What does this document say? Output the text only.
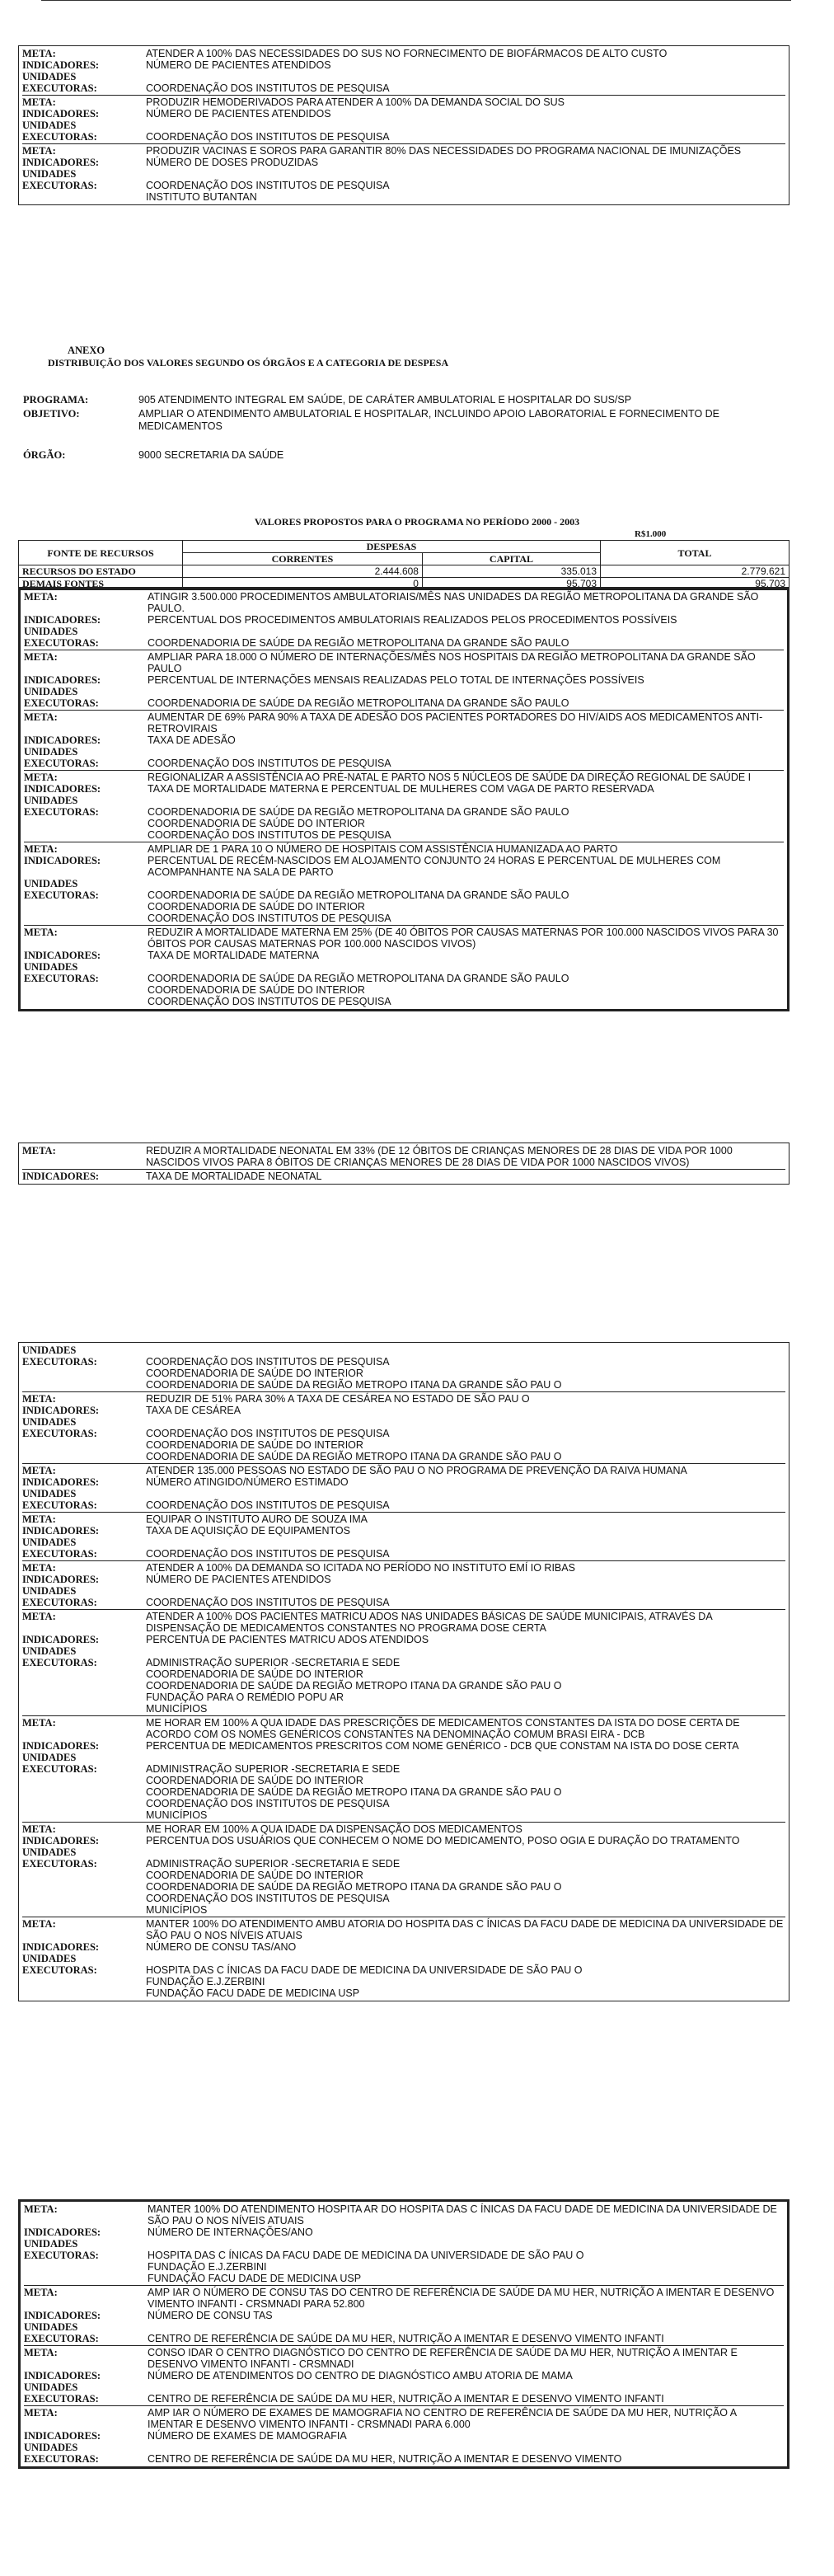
META:	ATENDER A 100% DAS NECESSIDADES DO SUS NO FORNECIMENTO DE BIOFÁRMACOS DE ALTO CUSTO
INDICADORES:	NÚMERO DE PACIENTES ATENDIDOS
UNIDADES
EXECUTORAS:	COORDENAÇÃO DOS INSTITUTOS DE PESQUISA
META:	PRODUZIR HEMODERIVADOS PARA ATENDER A 100% DA DEMANDA SOCIAL DO SUS
INDICADORES:	NÚMERO DE PACIENTES ATENDIDOS
UNIDADES
EXECUTORAS:	COORDENAÇÃO DOS INSTITUTOS DE PESQUISA
META:	PRODUZIR VACINAS E SOROS PARA GARANTIR 80% DAS NECESSIDADES DO PROGRAMA NACIONAL DE IMUNIZAÇÕES
INDICADORES:	NÚMERO DE DOSES PRODUZIDAS
UNIDADES
EXECUTORAS:	COORDENAÇÃO DOS INSTITUTOS DE PESQUISA
INSTITUTO BUTANTAN
ANEXO
DISTRIBUIÇÃO DOS VALORES SEGUNDO OS ÓRGÃOS E A CATEGORIA DE DESPESA
PROGRAMA:	905 ATENDIMENTO INTEGRAL EM SAÚDE, DE CARÁTER AMBULATORIAL E HOSPITALAR DO SUS/SP
OBJETIVO:	AMPLIAR O ATENDIMENTO AMBULATORIAL E HOSPITALAR, INCLUINDO APOIO LABORATORIAL E FORNECIMENTO DE MEDICAMENTOS
ÓRGÃO:	9000 SECRETARIA DA SAÚDE
VALORES PROPOSTOS PARA O PROGRAMA NO PERÍODO 2000 - 2003
R$1.000
FONTE DE RECURSOS	DESPESAS		TOTAL
	CORRENTES	CAPITAL	
RECURSOS DO ESTADO	2.444.608	335.013	2.779.621
DEMAIS FONTES	0	95.703	95.703
META:	ATINGIR 3.500.000 PROCEDIMENTOS AMBULATORIAIS/MÊS NAS UNIDADES DA REGIÃO METROPOLITANA DA GRANDE SÃO PAULO.
INDICADORES:	PERCENTUAL DOS PROCEDIMENTOS AMBULATORIAIS REALIZADOS PELOS PROCEDIMENTOS POSSÍVEIS
UNIDADES
EXECUTORAS:	COORDENADORIA DE SAÚDE DA REGIÃO METROPOLITANA DA GRANDE SÃO PAULO
META:	AMPLIAR PARA 18.000 O NÚMERO DE INTERNAÇÕES/MÊS NOS HOSPITAIS DA REGIÃO METROPOLITANA DA GRANDE SÃO PAULO
INDICADORES:	PERCENTUAL DE INTERNAÇÕES MENSAIS REALIZADAS PELO TOTAL DE INTERNAÇÕES POSSÍVEIS
UNIDADES
EXECUTORAS:	COORDENADORIA DE SAÚDE DA REGIÃO METROPOLITANA DA GRANDE SÃO PAULO
META:	AUMENTAR DE 69% PARA 90% A TAXA DE ADESÃO DOS PACIENTES PORTADORES DO HIV/AIDS AOS MEDICAMENTOS ANTI-RETROVIRAIS
INDICADORES:	TAXA DE ADESÃO
UNIDADES
EXECUTORAS:	COORDENAÇÃO DOS INSTITUTOS DE PESQUISA
META:	REGIONALIZAR A ASSISTÊNCIA AO PRÉ-NATAL E PARTO NOS 5 NÚCLEOS DE SAÚDE DA DIREÇÃO REGIONAL DE SAÚDE I
INDICADORES:	TAXA DE MORTALIDADE MATERNA E PERCENTUAL DE MULHERES COM VAGA DE PARTO RESERVADA
UNIDADES
EXECUTORAS:	COORDENADORIA DE SAÚDE DA REGIÃO METROPOLITANA DA GRANDE SÃO PAULO
COORDENADORIA DE SAÚDE DO INTERIOR
COORDENAÇÃO DOS INSTITUTOS DE PESQUISA
META:	AMPLIAR DE 1 PARA 10 O NÚMERO DE HOSPITAIS COM ASSISTÊNCIA HUMANIZADA AO PARTO
INDICADORES:	PERCENTUAL DE RECÉM-NASCIDOS EM ALOJAMENTO CONJUNTO 24 HORAS E PERCENTUAL DE MULHERES COM ACOMPANHANTE NA SALA DE PARTO
UNIDADES
EXECUTORAS:	COORDENADORIA DE SAÚDE DA REGIÃO METROPOLITANA DA GRANDE SÃO PAULO
COORDENADORIA DE SAÚDE DO INTERIOR
COORDENAÇÃO DOS INSTITUTOS DE PESQUISA
META:	REDUZIR A MORTALIDADE MATERNA EM 25% (DE 40 ÓBITOS POR CAUSAS MATERNAS POR 100.000 NASCIDOS VIVOS PARA 30 ÓBITOS POR CAUSAS MATERNAS POR 100.000 NASCIDOS VIVOS)
INDICADORES:	TAXA DE MORTALIDADE MATERNA
UNIDADES
EXECUTORAS:	COORDENADORIA DE SAÚDE DA REGIÃO METROPOLITANA DA GRANDE SÃO PAULO
COORDENADORIA DE SAÚDE DO INTERIOR
COORDENAÇÃO DOS INSTITUTOS DE PESQUISA
META:	REDUZIR A MORTALIDADE NEONATAL EM 33% (DE 12 ÓBITOS DE CRIANÇAS MENORES DE 28 DIAS DE VIDA POR 1000 NASCIDOS VIVOS PARA 8 ÓBITOS DE CRIANÇAS MENORES DE 28 DIAS DE VIDA POR 1000 NASCIDOS VIVOS)
INDICADORES:	TAXA DE MORTALIDADE NEONATAL
UNIDADES
EXECUTORAS:	COORDENAÇÃO DOS INSTITUTOS DE PESQUISA
COORDENADORIA DE SAÚDE DO INTERIOR
COORDENADORIA DE SAÚDE DA REGIÃO METROPO ITANA DA GRANDE SÃO PAU O
META:	REDUZIR DE 51% PARA 30% A TAXA DE CESÁREA NO ESTADO DE SÃO PAU O
INDICADORES:	TAXA DE CESÁREA
UNIDADES
EXECUTORAS:	COORDENAÇÃO DOS INSTITUTOS DE PESQUISA
COORDENADORIA DE SAÚDE DO INTERIOR
COORDENADORIA DE SAÚDE DA REGIÃO METROPO ITANA DA GRANDE SÃO PAU O
META:	ATENDER 135.000 PESSOAS NO ESTADO DE SÃO PAU O NO PROGRAMA DE PREVENÇÃO DA RAIVA HUMANA
INDICADORES:	NÚMERO ATINGIDO/NÚMERO ESTIMADO
UNIDADES
EXECUTORAS:	COORDENAÇÃO DOS INSTITUTOS DE PESQUISA
META:	EQUIPAR O INSTITUTO AURO DE SOUZA IMA
INDICADORES:	TAXA DE AQUISIÇÃO DE EQUIPAMENTOS
UNIDADES
EXECUTORAS:	COORDENAÇÃO DOS INSTITUTOS DE PESQUISA
META:	ATENDER A 100% DA DEMANDA SO ICITADA NO PERÍODO NO INSTITUTO EMÍ IO RIBAS
INDICADORES:	NÚMERO DE PACIENTES ATENDIDOS
UNIDADES
EXECUTORAS:	COORDENAÇÃO DOS INSTITUTOS DE PESQUISA
META:	ATENDER A 100% DOS PACIENTES MATRICU ADOS NAS UNIDADES BÁSICAS DE SAÚDE MUNICIPAIS, ATRAVÉS DA DISPENSAÇÃO DE MEDICAMENTOS CONSTANTES NO PROGRAMA DOSE CERTA
INDICADORES:	PERCENTUA DE PACIENTES MATRICU ADOS ATENDIDOS
UNIDADES
EXECUTORAS:	ADMINISTRAÇÃO SUPERIOR -SECRETARIA E SEDE
COORDENADORIA DE SAÚDE DO INTERIOR
COORDENADORIA DE SAÚDE DA REGIÃO METROPO ITANA DA GRANDE SÃO PAU O
FUNDAÇÃO PARA O REMÉDIO POPU AR
MUNICÍPIOS
META:	ME HORAR EM 100% A QUA IDADE DAS PRESCRIÇÕES DE MEDICAMENTOS CONSTANTES DA ISTA DO DOSE CERTA DE ACORDO COM OS NOMES GENÉRICOS CONSTANTES NA DENOMINAÇÃO COMUM BRASI EIRA - DCB
INDICADORES:	PERCENTUA DE MEDICAMENTOS PRESCRITOS COM NOME GENÉRICO - DCB QUE CONSTAM NA ISTA DO DOSE CERTA
UNIDADES
EXECUTORAS:	ADMINISTRAÇÃO SUPERIOR -SECRETARIA E SEDE
COORDENADORIA DE SAÚDE DO INTERIOR
COORDENADORIA DE SAÚDE DA REGIÃO METROPO ITANA DA GRANDE SÃO PAU O
COORDENAÇÃO DOS INSTITUTOS DE PESQUISA
MUNICÍPIOS
META:	ME HORAR EM 100% A QUA IDADE DA DISPENSAÇÃO DOS MEDICAMENTOS
INDICADORES:	PERCENTUA DOS USUÁRIOS QUE CONHECEM O NOME DO MEDICAMENTO, POSO OGIA E DURAÇÃO DO TRATAMENTO
UNIDADES
EXECUTORAS:	ADMINISTRAÇÃO SUPERIOR -SECRETARIA E SEDE
COORDENADORIA DE SAÚDE DO INTERIOR
COORDENADORIA DE SAÚDE DA REGIÃO METROPO ITANA DA GRANDE SÃO PAU O
COORDENAÇÃO DOS INSTITUTOS DE PESQUISA
MUNICÍPIOS
META:	MANTER 100% DO ATENDIMENTO AMBU ATORIA DO HOSPITA DAS C ÍNICAS DA FACU DADE DE MEDICINA DA UNIVERSIDADE DE SÃO PAU O NOS NÍVEIS ATUAIS
INDICADORES:	NÚMERO DE CONSU TAS/ANO
UNIDADES
EXECUTORAS:	HOSPITA DAS C ÍNICAS DA FACU DADE DE MEDICINA DA UNIVERSIDADE DE SÃO PAU O
FUNDAÇÃO E.J.ZERBINI
FUNDAÇÃO FACU DADE DE MEDICINA USP
META:	MANTER 100% DO ATENDIMENTO HOSPITA AR DO HOSPITA DAS C ÍNICAS DA FACU DADE DE MEDICINA DA UNIVERSIDADE DE SÃO PAU O NOS NÍVEIS ATUAIS
INDICADORES:	NÚMERO DE INTERNAÇÕES/ANO
UNIDADES
EXECUTORAS:	HOSPITA DAS C ÍNICAS DA FACU DADE DE MEDICINA DA UNIVERSIDADE DE SÃO PAU O
FUNDAÇÃO E.J.ZERBINI
FUNDAÇÃO FACU DADE DE MEDICINA USP
META:	AMP IAR O NÚMERO DE CONSU TAS DO CENTRO DE REFERÊNCIA DE SAÚDE DA MU HER, NUTRIÇÃO A IMENTAR E DESENVO VIMENTO INFANTI - CRSMNADI PARA 52.800
INDICADORES:	NÚMERO DE CONSU TAS
UNIDADES
EXECUTORAS:	CENTRO DE REFERÊNCIA DE SAÚDE DA MU HER, NUTRIÇÃO A IMENTAR E DESENVO VIMENTO INFANTI
META:	CONSO IDAR O CENTRO DIAGNÓSTICO DO CENTRO DE REFERÊNCIA DE SAÚDE DA MU HER, NUTRIÇÃO A IMENTAR E DESENVO VIMENTO INFANTI - CRSMNADI
INDICADORES:	NÚMERO DE ATENDIMENTOS DO CENTRO DE DIAGNÓSTICO AMBU ATORIA DE MAMA
UNIDADES
EXECUTORAS:	CENTRO DE REFERÊNCIA DE SAÚDE DA MU HER, NUTRIÇÃO A IMENTAR E DESENVO VIMENTO INFANTI
META:	AMP IAR O NÚMERO DE EXAMES DE MAMOGRAFIA NO CENTRO DE REFERÊNCIA DE SAÚDE DA MU HER, NUTRIÇÃO A IMENTAR E DESENVO VIMENTO INFANTI - CRSMNADI PARA 6.000
INDICADORES:	NÚMERO DE EXAMES DE MAMOGRAFIA
UNIDADES
EXECUTORAS:	CENTRO DE REFERÊNCIA DE SAÚDE DA MU HER, NUTRIÇÃO A IMENTAR E DESENVO VIMENTO
